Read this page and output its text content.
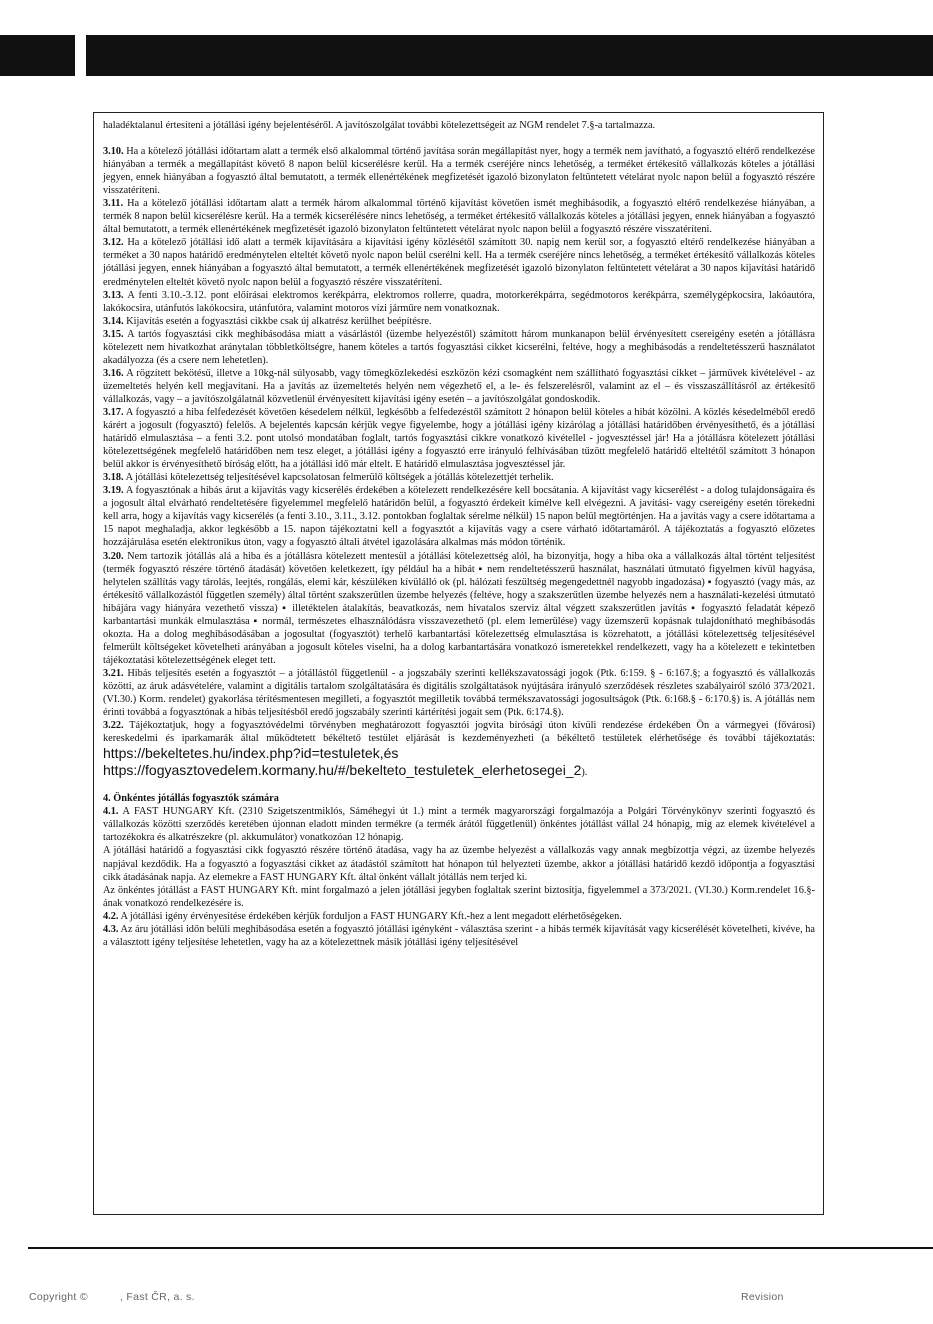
haladéktalanul értesíteni a jótállási igény bejelentéséről. A javítószolgálat további kötelezettségeit az NGM rendelet 7.§-a tartalmazza.

3.10. Ha a kötelező jótállási időtartam alatt a termék első alkalommal történő javítása során megállapítást nyer, hogy a termék nem javítható, a fogyasztó eltérő rendelkezése hiányában a termék a megállapítást követő 8 napon belül kicserélésre kerül. Ha a termék cseréjére nincs lehetőség, a terméket értékesítő vállalkozás köteles a jótállási jegyen, ennek hiányában a fogyasztó által bemutatott, a termék ellenértékének megfizetését igazoló bizonylaton feltüntetett vételárat nyolc napon belül a fogyasztó részére visszatéríteni.

3.11. Ha a kötelező jótállási időtartam alatt a termék három alkalommal történő kijavítást követően ismét meghibásodik, a fogyasztó eltérő rendelkezése hiányában, a termék 8 napon belül kicserélésre kerül. Ha a termék kicserélésére nincs lehetőség, a terméket értékesítő vállalkozás köteles a jótállási jegyen, ennek hiányában a fogyasztó által bemutatott, a termék ellenértékének megfizetését igazoló bizonylaton feltüntetett vételárat nyolc napon belül a fogyasztó részére visszatéríteni.

3.12. Ha a kötelező jótállási idő alatt a termék kijavítására a kijavítási igény közlésétől számított 30. napig nem kerül sor, a fogyasztó eltérő rendelkezése hiányában a terméket a 30 napos határidő eredménytelen elteltét követő nyolc napon belül cserélni kell. Ha a termék cseréjére nincs lehetőség, a terméket értékesítő vállalkozás köteles jótállási jegyen, ennek hiányában a fogyasztó által bemutatott, a termék ellenértékének megfizetését igazoló bizonylaton feltüntetett vételárat a 30 napos kijavítási határidő eredménytelen elteltét követő nyolc napon belül a fogyasztó részére visszatéríteni.

3.13. A fenti 3.10.-3.12. pont előírásai elektromos kerékpárra, elektromos rollerre, quadra, motorkerékpárra, segédmotoros kerékpárra, személygépkocsira, lakóautóra, lakókocsira, utánfutós lakókocsira, utánfutóra, valamint motoros vízi járműre nem vonatkoznak.

3.14. Kijavítás esetén a fogyasztási cikkbe csak új alkatrész kerülhet beépítésre.

3.15. A tartós fogyasztási cikk meghibásodása miatt a vásárlástól (üzembe helyezéstől) számított három munkanapon belül érvényesített csereigény esetén a jótállásra kötelezett nem hivatkozhat aránytalan többletköltségre, hanem köteles a tartós fogyasztási cikket kicserélni, feltéve, hogy a meghibásodás a rendeltetésszerű használatot akadályozza (és a csere nem lehetetlen).

3.16. A rögzített bekötésű, illetve a 10kg-nál súlyosabb, vagy tömegközlekedési eszközön kézi csomagként nem szállítható fogyasztási cikket – járművek kivételével - az üzemeltetés helyén kell megjavítani. Ha a javítás az üzemeltetés helyén nem végezhető el, a le- és felszerelésről, valamint az el – és visszaszállításról az értékesítő vállalkozás, vagy – a javítószolgálatnál közvetlenül érvényesített kijavítási igény esetén – a javítószolgálat gondoskodik.

3.17. A fogyasztó a hiba felfedezését követően késedelem nélkül, legkésőbb a felfedezéstől számított 2 hónapon belül köteles a hibát közölni. A közlés késedelméből eredő kárért a jogosult (fogyasztó) felelős. A bejelentés kapcsán kérjük vegye figyelembe, hogy a jótállási igény kizárólag a jótállási határidőben érvényesíthető, és a jótállási határidő elmulasztása – a fenti 3.2. pont utolsó mondatában foglalt, tartós fogyasztási cikkre vonatkozó kivétellel - jogvesztéssel jár! Ha a jótállásra kötelezett jótállási kötelezettségének megfelelő határidőben nem tesz eleget, a jótállási igény a fogyasztó erre irányuló felhívásában tűzött megfelelő határidő elteltétől számított 3 hónapon belül akkor is érvényesíthető bíróság előtt, ha a jótállási idő már eltelt. E határidő elmulasztása jogvesztéssel jár.

3.18. A jótállási kötelezettség teljesítésével kapcsolatosan felmerülő költségek a jótállás kötelezettjét terhelik.

3.19. A fogyasztónak a hibás árut a kijavítás vagy kicserélés érdekében a kötelezett rendelkezésére kell bocsátania. A kijavítást vagy kicserélést - a dolog tulajdonságaira és a jogosult által elvárható rendeltetésére figyelemmel megfelelő határidőn belül, a fogyasztó érdekeit kímélve kell elvégezni. A javítási- vagy csereigény esetén törekedni kell arra, hogy a kijavítás vagy kicserélés (a fenti 3.10., 3.11., 3.12. pontokban foglaltak sérelme nélkül) 15 napon belül megtörténjen. Ha a javítás vagy a csere időtartama a 15 napot meghaladja, akkor legkésőbb a 15. napon tájékoztatni kell a fogyasztót a kijavítás vagy a csere várható időtartamáról. A tájékoztatás a fogyasztó előzetes hozzájárulása esetén elektronikus úton, vagy a fogyasztó általi átvétel igazolására alkalmas más módon történik.

3.20. Nem tartozik jótállás alá a hiba és a jótállásra kötelezett mentesül a jótállási kötelezettség alól, ha bizonyítja, hogy a hiba oka a vállalkozás által történt teljesítést (termék fogyasztó részére történő átadását) követően keletkezett, így például ha a hibát ▪ nem rendeltetésszerű használat, használati útmutató figyelmen kívül hagyása, helytelen szállítás vagy tárolás, leejtés, rongálás, elemi kár, készüléken kívülálló ok (pl. hálózati feszültség megengedettnél nagyobb ingadozása) ▪ fogyasztó (vagy más, az értékesítő vállalkozástól független személy) által történt szakszerűtlen üzembe helyezés (feltéve, hogy a szakszerűtlen üzembe helyezés nem a használati-kezelési útmutató hibájára vagy hiányára vezethető vissza) ▪ illetéktelen átalakítás, beavatkozás, nem hivatalos szerviz által végzett szakszerűtlen javítás ▪ fogyasztó feladatát képező karbantartási munkák elmulasztása ▪ normál, természetes elhasználódásra visszavezethető (pl. elem lemerülése) vagy üzemszerű kopásnak tulajdonítható meghibásodás okozta. Ha a dolog meghibásodásában a jogosultat (fogyasztót) terhelő karbantartási kötelezettség elmulasztása is közrehatott, a jótállási kötelezettség teljesítésével felmerült költségeket követelheti arányában a jogosult köteles viselni, ha a dolog karbantartására vonatkozó ismeretekkel rendelkezett, vagy ha a kötelezett e tekintetben tájékoztatási kötelezettségének eleget tett.

3.21. Hibás teljesítés esetén a fogyasztót – a jótállástól függetlenül - a jogszabály szerinti kellékszavatossági jogok (Ptk. 6:159. § - 6:167.§; a fogyasztó és vállalkozás közötti, az áruk adásvételére, valamint a digitális tartalom szolgáltatására és digitális szolgáltatások nyújtására irányuló szerződések részletes szabályairól szóló 373/2021. (VI.30.) Korm. rendelet) gyakorlása térítésmentesen megilleti, a fogyasztót megilletik továbbá termékszavatossági jogosultságok (Ptk. 6:168.§ - 6:170.§) is. A jótállás nem érinti továbbá a fogyasztónak a hibás teljesítésből eredő jogszabály szerinti kártérítési jogait sem (Ptk. 6:174.§).

3.22. Tájékoztatjuk, hogy a fogyasztóvédelmi törvényben meghatározott fogyasztói jogvita bírósági úton kívüli rendezése érdekében Ön a vármegyei (fővárosi) kereskedelmi és iparkamarák által működtetett békéltető testület eljárását is kezdeményezheti (a békéltető testületek elérhetősége és további tájékoztatás: https://bekeltetes.hu/index.php?id=testuletek,és
https://fogyasztovedelem.kormany.hu/#/bekelteto_testuletek_elerhetosegei_2).

4. Önkéntes jótállás fogyasztók számára

4.1. A FAST HUNGARY Kft. (2310 Szigetszentmiklós, Sáméhegyi út 1.) mint a termék magyarországi forgalmazója a Polgári Törvénykönyv szerinti fogyasztó és vállalkozás közötti szerződés keretében újonnan eladott minden termékre (a termék árától függetlenül) önkéntes jótállást vállal 24 hónapig, míg az elemek kivételével a tartozékokra és alkatrészekre (pl. akkumulátor) vonatkozóan 12 hónapig.

A jótállási határidő a fogyasztási cikk fogyasztó részére történő átadása, vagy ha az üzembe helyezést a vállalkozás vagy annak megbízottja végzi, az üzembe helyezés napjával kezdődik. Ha a fogyasztó a fogyasztási cikket az átadástól számított hat hónapon túl helyezteti üzembe, akkor a jótállási határidő kezdő időpontja a fogyasztási cikk átadásának napja. Az elemekre a FAST HUNGARY Kft. által önként vállalt jótállás nem terjed ki.

Az önkéntes jótállást a FAST HUNGARY Kft. mint forgalmazó a jelen jótállási jegyben foglaltak szerint biztosítja, figyelemmel a 373/2021. (VI.30.) Korm.rendelet 16.§-ának vonatkozó rendelkezésére is.

4.2. A jótállási igény érvényesítése érdekében kérjük forduljon a FAST HUNGARY Kft.-hez a lent megadott elérhetőségeken.

4.3. Az áru jótállási időn belüli meghibásodása esetén a fogyasztó jótállási igényként - választása szerint - a hibás termék kijavítását vagy kicserélését követelheti, kivéve, ha a választott igény teljesítése lehetetlen, vagy ha az a kötelezettnek másik jótállási igény teljesítésével

Copyright ©	, Fast ČR, a. s.	Revision
